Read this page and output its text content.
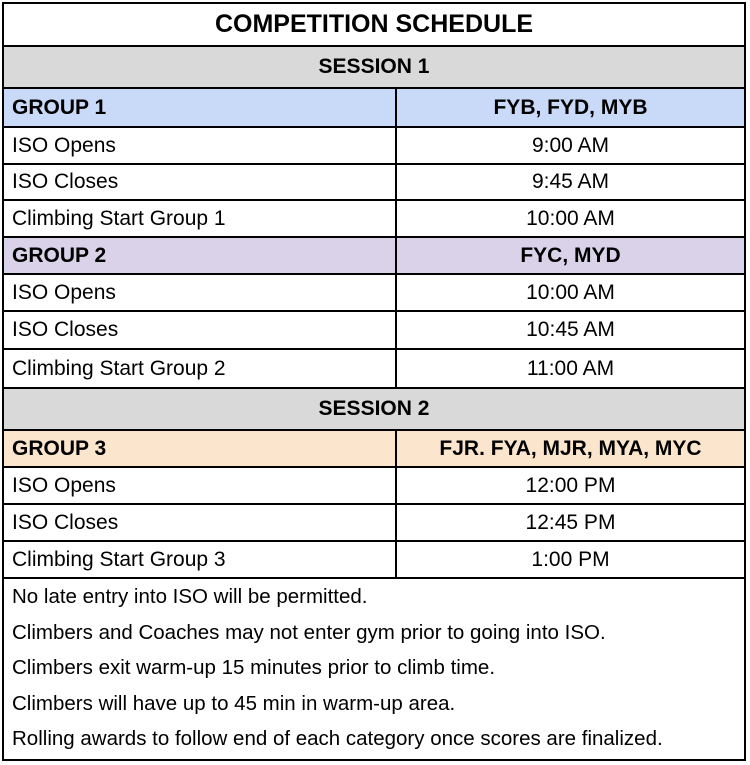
COMPETITION SCHEDULE
SESSION 1
GROUP 1	FYB, FYD, MYB
ISO Opens	9:00 AM
ISO Closes	9:45 AM
Climbing Start Group 1	10:00 AM
GROUP 2	FYC, MYD
ISO Opens	10:00 AM
ISO Closes	10:45 AM
Climbing Start Group 2	11:00 AM
SESSION 2
GROUP 3	FJR. FYA, MJR, MYA, MYC
ISO Opens	12:00 PM
ISO Closes	12:45 PM
Climbing Start Group 3	1:00 PM
No late entry into ISO will be permitted.
Climbers and Coaches may not enter gym prior to going into ISO.
Climbers exit warm-up 15 minutes prior to climb time.
Climbers will have up to 45 min in warm-up area.
Rolling awards to follow end of each category once scores are finalized.
